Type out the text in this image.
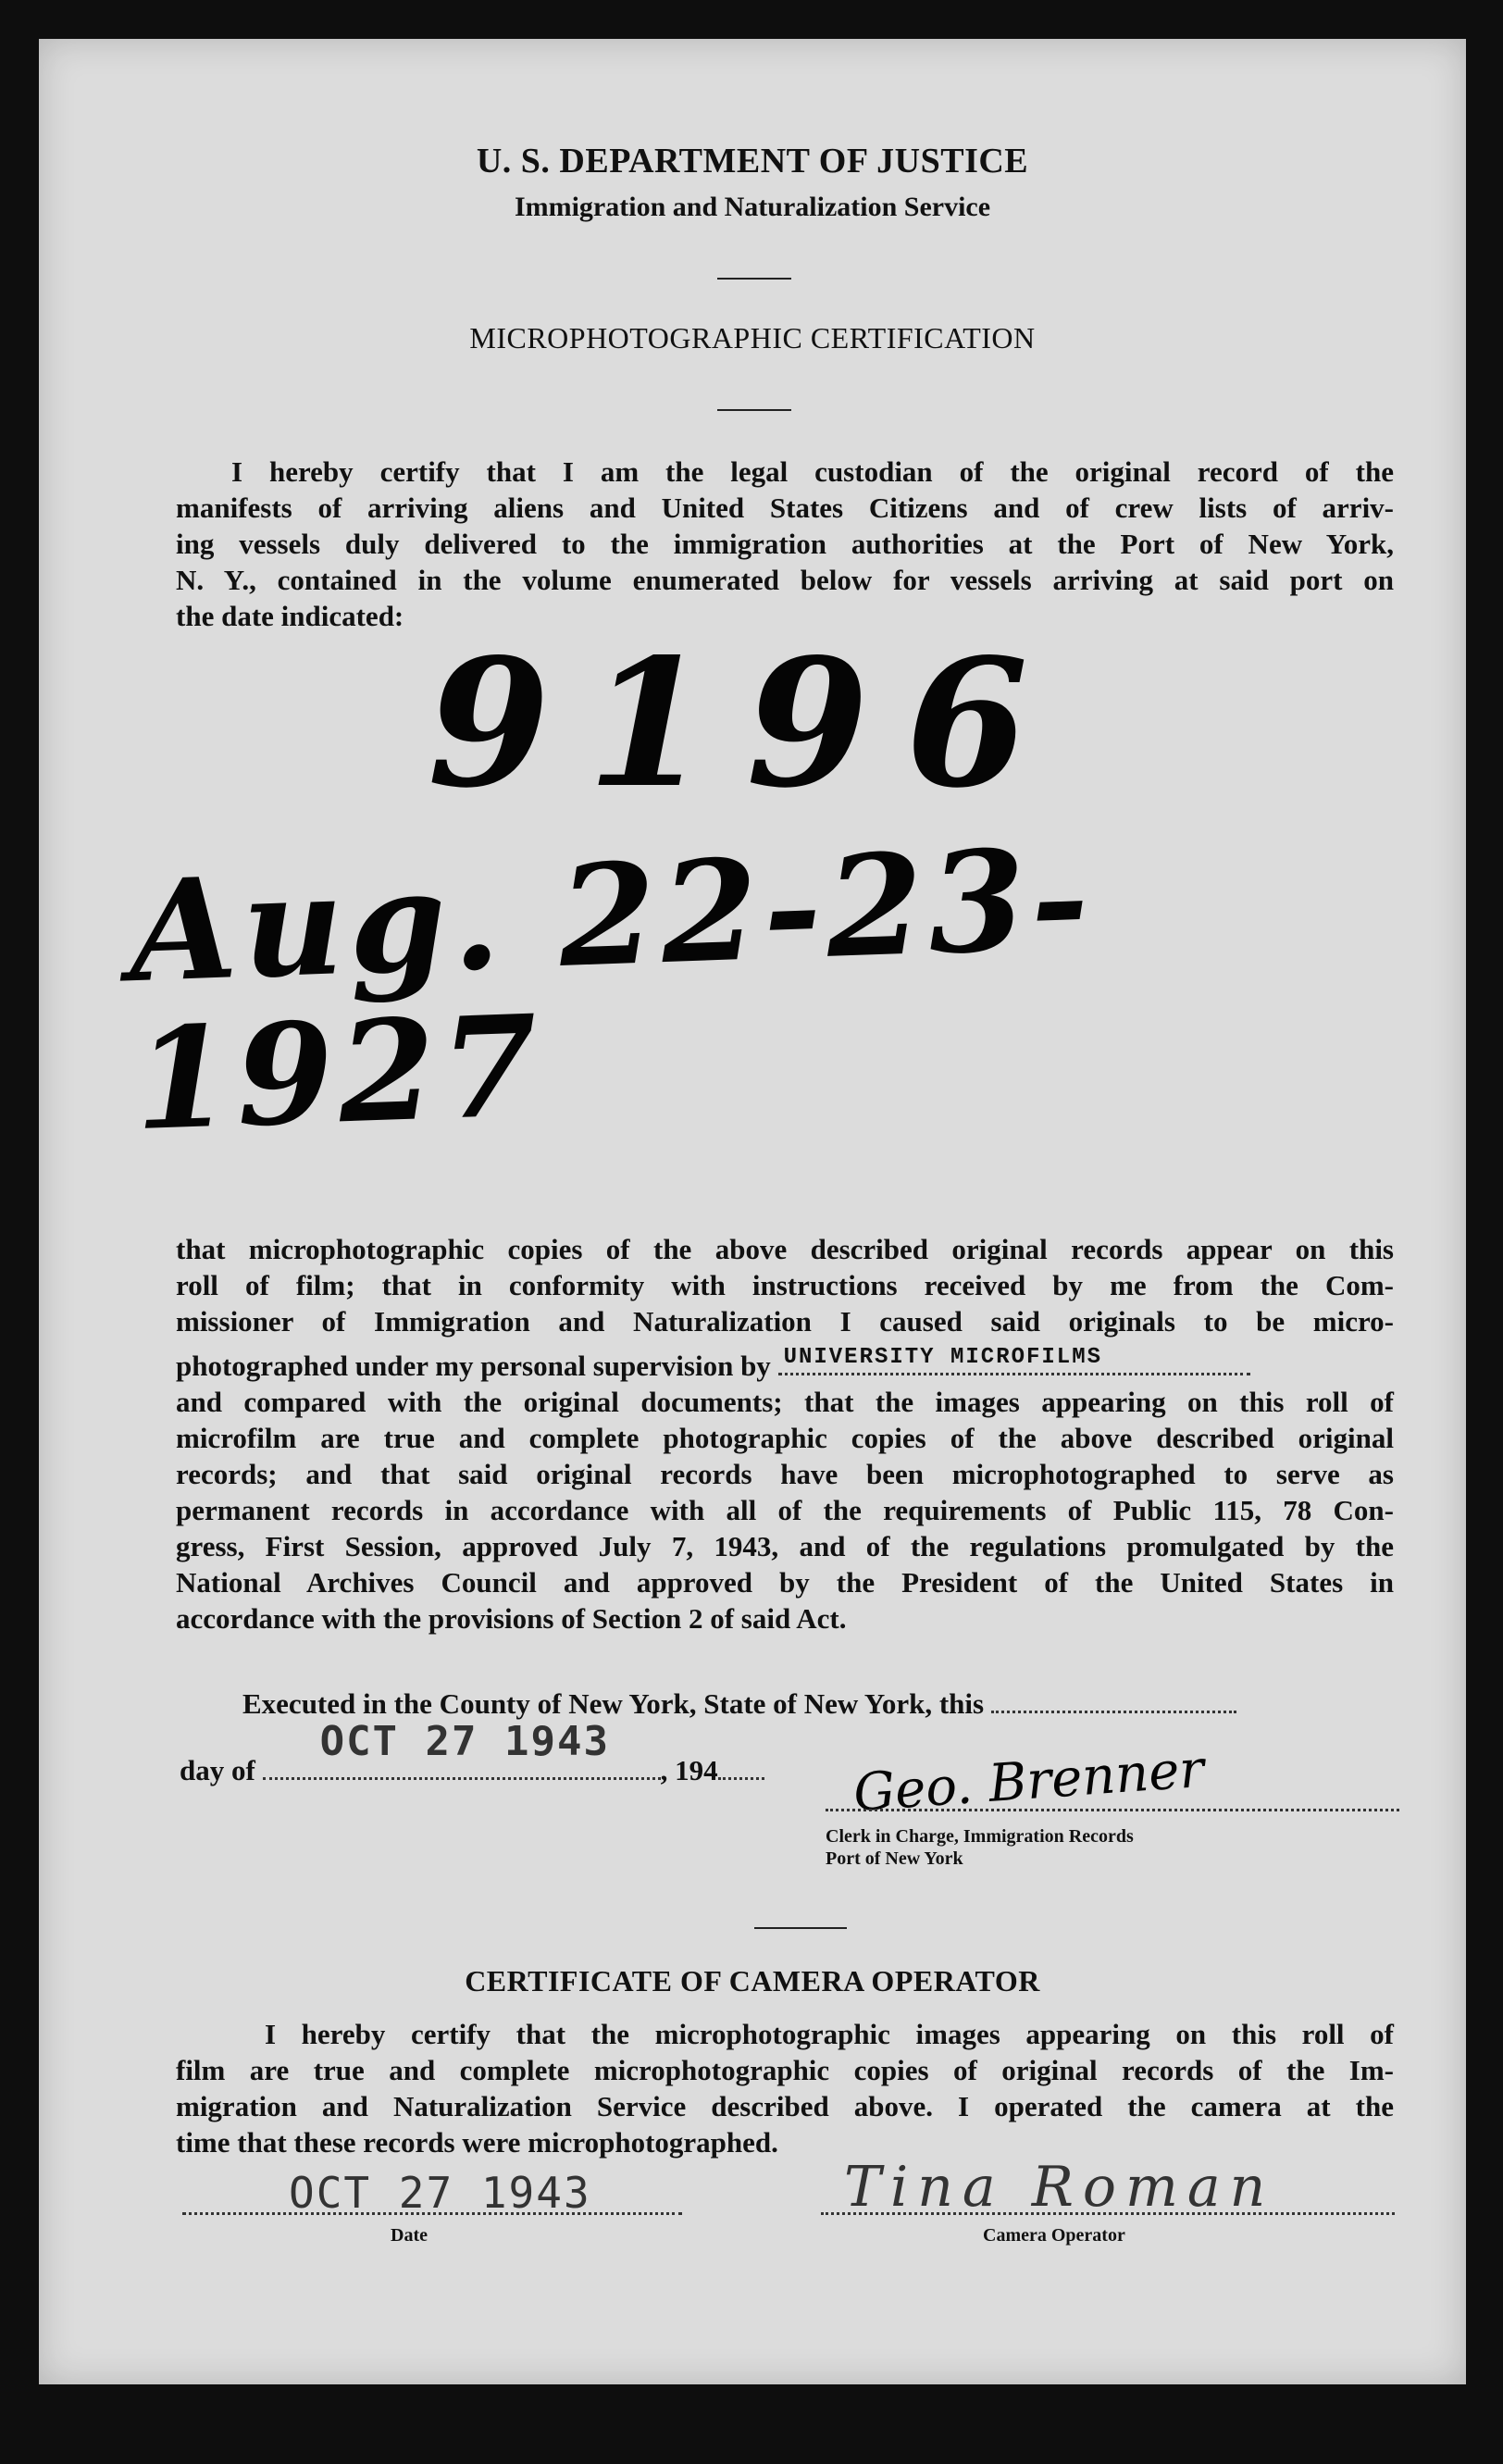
U. S. DEPARTMENT OF JUSTICE
Immigration and Naturalization Service
MICROPHOTOGRAPHIC CERTIFICATION
I hereby certify that I am the legal custodian of the original record of the
manifests of arriving aliens and United States Citizens and of crew lists of arriv-
ing vessels duly delivered to the immigration authorities at the Port of New York,
N. Y., contained in the volume enumerated below for vessels arriving at said port on
the date indicated:
9196
Aug. 22-23-1927
that microphotographic copies of the above described original records appear on this
roll of film; that in conformity with instructions received by me from the Com-
missioner of Immigration and Naturalization I caused said originals to be micro-
photographed under my personal supervision by UNIVERSITY MICROFILMS
and compared with the original documents; that the images appearing on this roll of
microfilm are true and complete photographic copies of the above described original
records; and that said original records have been microphotographed to serve as
permanent records in accordance with all of the requirements of Public 115, 78 Con-
gress, First Session, approved July 7, 1943, and of the regulations promulgated by the
National Archives Council and approved by the President of the United States in
accordance with the provisions of Section 2 of said Act.
Executed in the County of New York, State of New York, this
day of
OCT 27 1943
, 194	Geo. Brenner
Clerk in Charge, Immigration Records
Port of New York
CERTIFICATE OF CAMERA OPERATOR
I hereby certify that the microphotographic images appearing on this roll of
film are true and complete microphotographic copies of original records of the Im-
migration and Naturalization Service described above. I operated the camera at the
time that these records were microphotographed.
OCT 27 1943
Date
Tina Roman
Camera Operator
